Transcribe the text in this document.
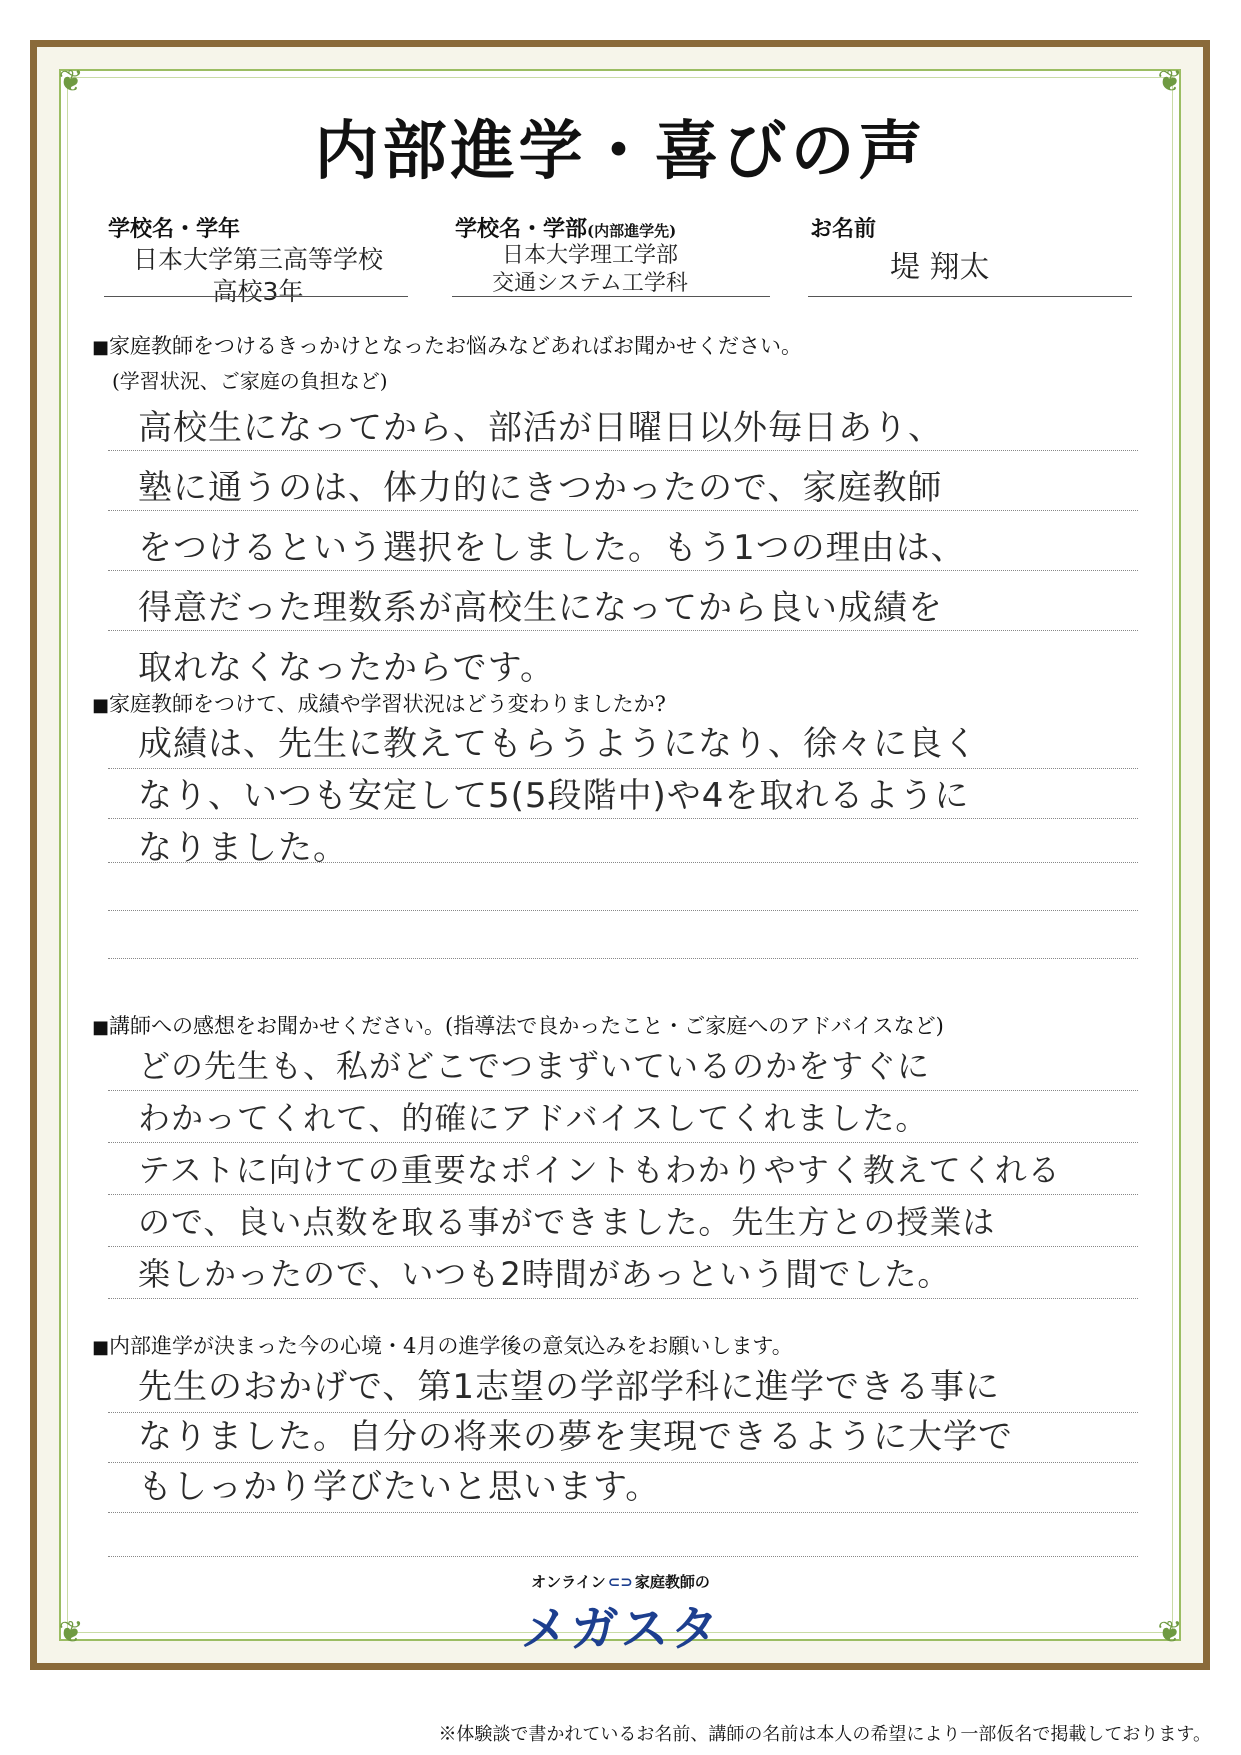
❦	❦
❦	❦
内部進学・喜びの声
学校名・学年
日本大学第三高等学校
高校3年
学校名・学部(内部進学先)
日本大学理工学部
交通システム工学科
お名前
堤 翔太
■家庭教師をつけるきっかけとなったお悩みなどあればお聞かせください。
(学習状況、ご家庭の負担など)
高校生になってから、部活が日曜日以外毎日あり、
塾に通うのは、体力的にきつかったので、家庭教師
をつけるという選択をしました。もう1つの理由は、
得意だった理数系が高校生になってから良い成績を
取れなくなったからです。
■家庭教師をつけて、成績や学習状況はどう変わりましたか?
成績は、先生に教えてもらうようになり、徐々に良く
なり、いつも安定して5(5段階中)や4を取れるように
なりました。
■講師への感想をお聞かせください。(指導法で良かったこと・ご家庭へのアドバイスなど)
どの先生も、私がどこでつまずいているのかをすぐに
わかってくれて、的確にアドバイスしてくれました。
テストに向けての重要なポイントもわかりやすく教えてくれる
ので、良い点数を取る事ができました。先生方との授業は
楽しかったので、いつも2時間があっという間でした。
■内部進学が決まった今の心境・4月の進学後の意気込みをお願いします。
先生のおかげで、第1志望の学部学科に進学できる事に
なりました。自分の将来の夢を実現できるように大学で
もしっかり学びたいと思います。
オンライン ⊂⊃ 家庭教師の
メガスタ
※体験談で書かれているお名前、講師の名前は本人の希望により一部仮名で掲載しております。
